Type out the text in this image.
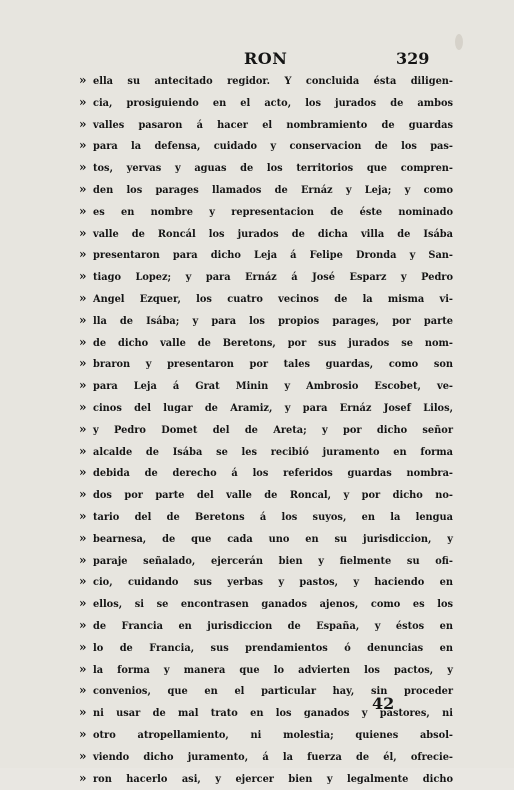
RON	329
» ella su antecitado regidor. Y concluida ésta diligen-
» cia, prosiguiendo en el acto, los jurados de ambos
» valles pasaron á hacer el nombramiento de guardas
» para la defensa, cuidado y conservacion de los pas-
» tos, yervas y aguas de los territorios que compren-
» den los parages llamados de Ernáz y Leja; y como
» es en nombre y representacion de éste nominado
» valle de Roncál los jurados de dicha villa de Isába
» presentaron para dicho Leja á Felipe Dronda y San-
» tiago Lopez; y para Ernáz á José Esparz y Pedro
» Angel Ezquer, los cuatro vecinos de la misma vi-
» lla de Isába; y para los propios parages, por parte
» de dicho valle de Beretons, por sus jurados se nom-
» braron y presentaron por tales guardas, como son
» para Leja á Grat Minin y Ambrosio Escobet, ve-
» cinos del lugar de Aramiz, y para Ernáz Josef Lilos,
» y Pedro Domet del de Areta; y por dicho señor
» alcalde de Isába se les recibió juramento en forma
» debida de derecho á los referidos guardas nombra-
» dos por parte del valle de Roncal, y por dicho no-
» tario del de Beretons á los suyos, en la lengua
» bearnesa, de que cada uno en su jurisdiccion, y
» paraje señalado, ejercerán bien y fielmente su ofi-
» cio, cuidando sus yerbas y pastos, y haciendo en
» ellos, si se encontrasen ganados ajenos, como es los
» de Francia en jurisdiccion de España, y éstos en
» lo de Francia, sus prendamientos ó denuncias en
» la forma y manera que lo advierten los pactos, y
» convenios, que en el particular hay, sin proceder
» ni usar de mal trato en los ganados y pastores, ni
» otro atropellamiento, ni molestia; quienes absol-
» viendo dicho juramento, á la fuerza de él, ofrecie-
» ron hacerlo asi, y ejercer bien y legalmente dicho
42
